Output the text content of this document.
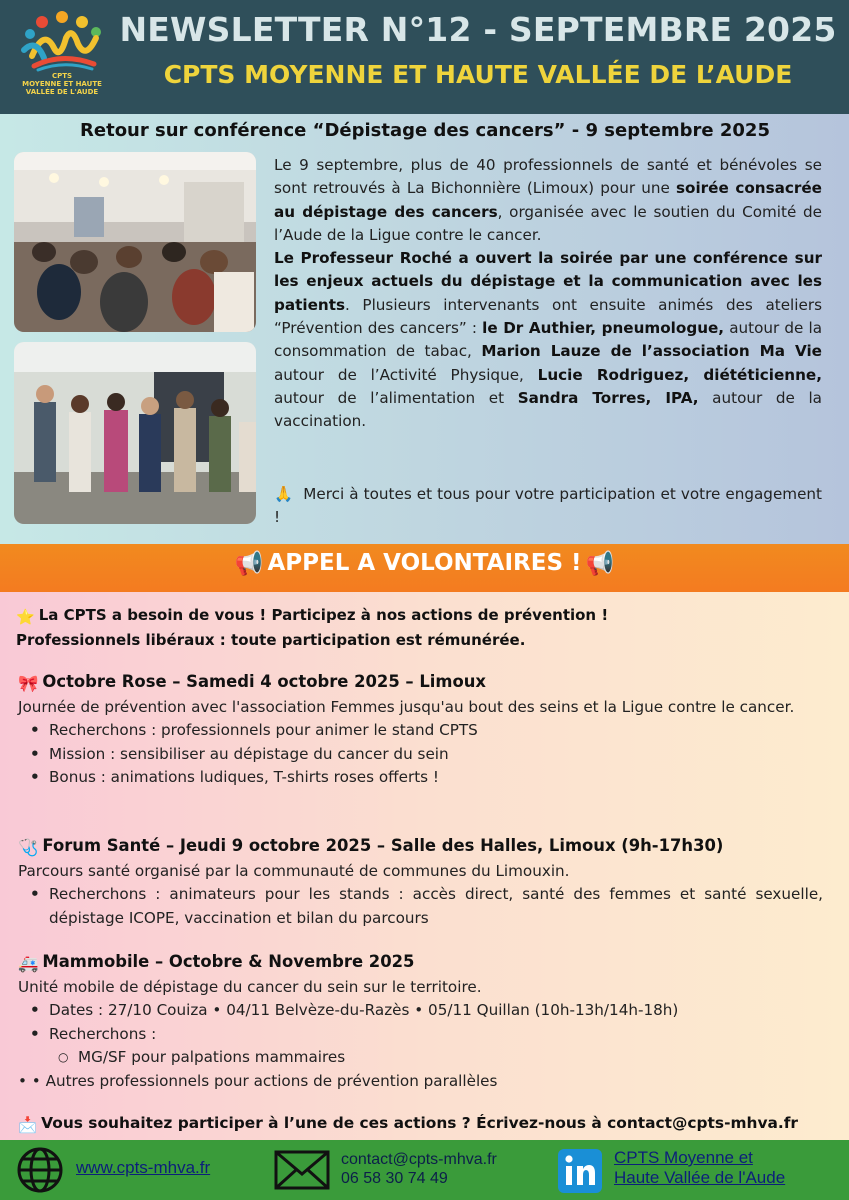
CPTS
MOYENNE ET HAUTE
VALLÉE DE L'AUDE
NEWSLETTER N°12 - SEPTEMBRE 2025
CPTS MOYENNE ET HAUTE VALLÉE DE L’AUDE
Retour sur conférence “Dépistage des cancers” - 9 septembre 2025

Le 9 septembre, plus de 40 professionnels de santé et bénévoles se sont retrouvés à La Bichonnière (Limoux) pour une soirée consacrée au dépistage des cancers, organisée avec le soutien du Comité de l’Aude de la Ligue contre le cancer.

Le Professeur Roché a ouvert la soirée par une conférence sur les enjeux actuels du dépistage et la communication avec les patients. Plusieurs intervenants ont ensuite animés des ateliers “Prévention des cancers” : le Dr Authier, pneumologue, autour de la consommation de tabac, Marion Lauze de l’association Ma Vie autour de l’Activité Physique, Lucie Rodriguez, diététicienne, autour de l’alimentation et Sandra Torres, IPA, autour de la vaccination.

🙏 Merci à toutes et tous pour votre participation et votre engagement !
📢 APPEL A VOLONTAIRES ! 📢
⭐ La CPTS a besoin de vous ! Participez à nos actions de prévention !
Professionnels libéraux : toute participation est rémunérée.
🎀 Octobre Rose – Samedi 4 octobre 2025 – Limoux
Journée de prévention avec l'association Femmes jusqu'au bout des seins et la Ligue contre le cancer.
• Recherchons : professionnels pour animer le stand CPTS
• Mission : sensibiliser au dépistage du cancer du sein
• Bonus : animations ludiques, T-shirts roses offerts !
🩺 Forum Santé – Jeudi 9 octobre 2025 – Salle des Halles, Limoux (9h-17h30)
Parcours santé organisé par la communauté de communes du Limouxin.
• Recherchons : animateurs pour les stands : accès direct, santé des femmes et santé sexuelle, dépistage ICOPE, vaccination et bilan du parcours
🚑 Mammobile – Octobre & Novembre 2025
Unité mobile de dépistage du cancer du sein sur le territoire.
• Dates : 27/10 Couiza • 04/11 Belvèze-du-Razès • 05/11 Quillan (10h-13h/14h-18h)
• Recherchons :
○ MG/SF pour palpations mammaires
• • Autres professionnels pour actions de prévention parallèles
📩 Vous souhaitez participer à l’une de ces actions ? Écrivez-nous à contact@cpts-mhva.fr
www.cpts-mhva.fr	contact@cpts-mhva.fr
06 58 30 74 49
CPTS Moyenne et
Haute Vallée de l'Aude
